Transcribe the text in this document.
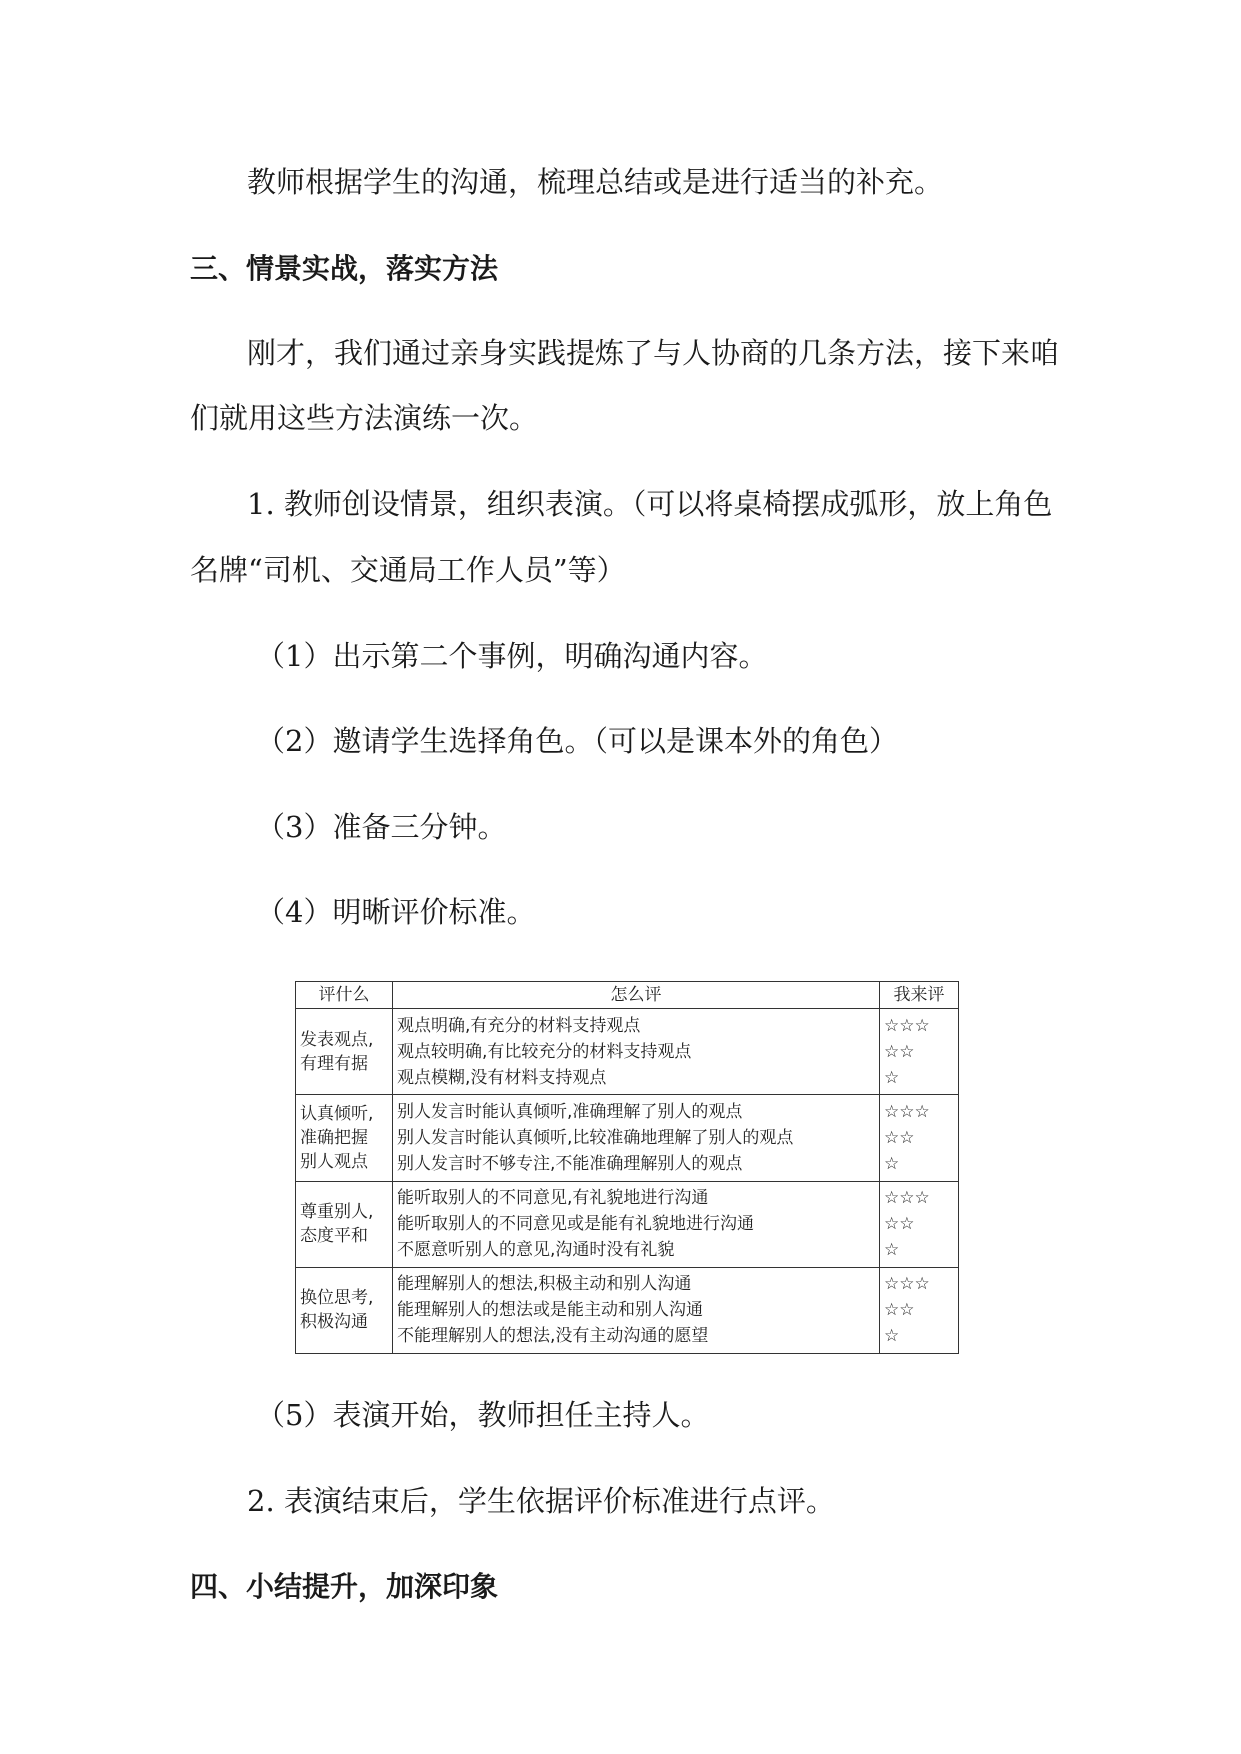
教师根据学生的沟通，梳理总结或是进行适当的补充。

三、情景实战，落实方法

刚才，我们通过亲身实践提炼了与人协商的几条方法，接下来咱

们就用这些方法演练一次。

1. 教师创设情景，组织表演。（可以将桌椅摆成弧形，放上角色

名牌“司机、交通局工作人员”等）

（1）出示第二个事例，明确沟通内容。

（2）邀请学生选择角色。（可以是课本外的角色）

（3）准备三分钟。

（4）明晰评价标准。

评什么	怎么评	我来评

发表观点,
有理有据	观点明确,有充分的材料支持观点
观点较明确,有比较充分的材料支持观点
观点模糊,没有材料支持观点	☆☆☆
☆☆
☆

认真倾听,
准确把握
别人观点	别人发言时能认真倾听,准确理解了别人的观点
别人发言时能认真倾听,比较准确地理解了别人的观点
别人发言时不够专注,不能准确理解别人的观点	☆☆☆
☆☆
☆

尊重别人,
态度平和	能听取别人的不同意见,有礼貌地进行沟通
能听取别人的不同意见或是能有礼貌地进行沟通
不愿意听别人的意见,沟通时没有礼貌	☆☆☆
☆☆
☆

换位思考,
积极沟通	能理解别人的想法,积极主动和别人沟通
能理解别人的想法或是能主动和别人沟通
不能理解别人的想法,没有主动沟通的愿望	☆☆☆
☆☆
☆

（5）表演开始，教师担任主持人。

2. 表演结束后，学生依据评价标准进行点评。

四、小结提升，加深印象
